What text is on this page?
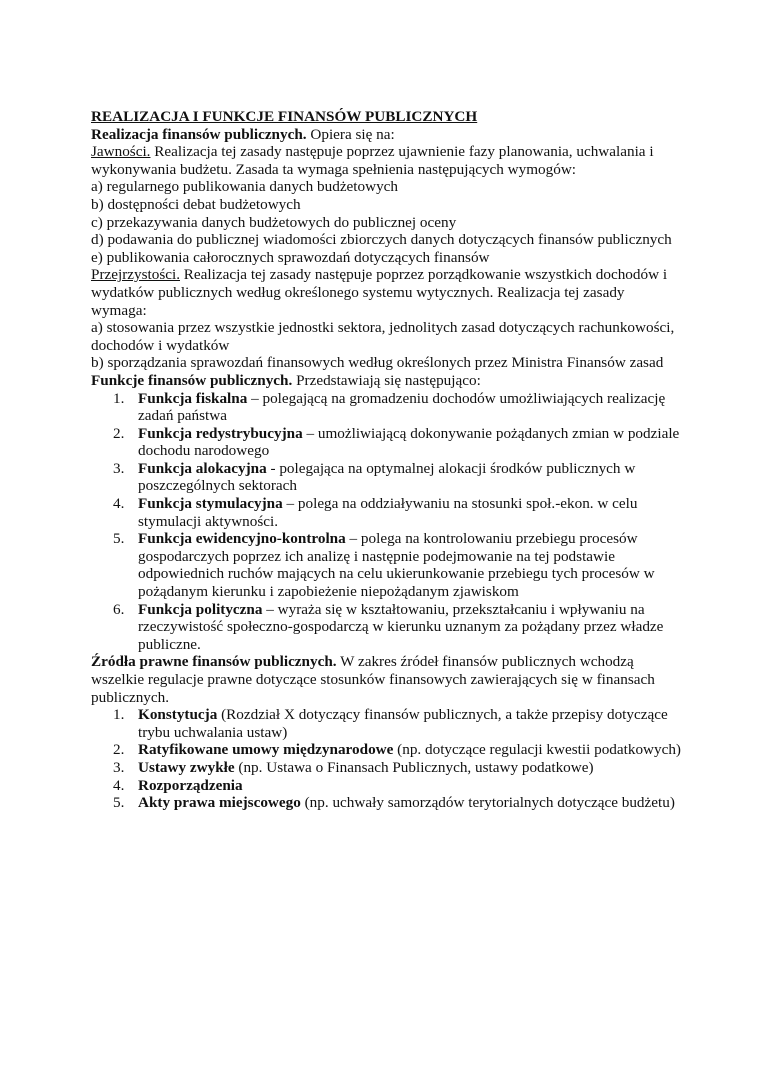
REALIZACJA I FUNKCJE FINANSÓW PUBLICZNYCH

Realizacja finansów publicznych. Opiera się na:

Jawności. Realizacja tej zasady następuje poprzez ujawnienie fazy planowania, uchwalania i wykonywania budżetu. Zasada ta wymaga spełnienia następujących wymogów:

a) regularnego publikowania danych budżetowych

b) dostępności debat budżetowych

c) przekazywania danych budżetowych do publicznej oceny

d) podawania do publicznej wiadomości zbiorczych danych dotyczących finansów publicznych

e) publikowania całorocznych sprawozdań dotyczących finansów

Przejrzystości. Realizacja tej zasady następuje poprzez porządkowanie wszystkich dochodów i wydatków publicznych według określonego systemu wytycznych. Realizacja tej zasady wymaga:

a) stosowania przez wszystkie jednostki sektora, jednolitych zasad dotyczących rachunkowości, dochodów i wydatków

b) sporządzania sprawozdań finansowych według określonych przez Ministra Finansów zasad

Funkcje finansów publicznych. Przedstawiają się następująco:

1. Funkcja fiskalna – polegającą na gromadzeniu dochodów umożliwiających realizację zadań państwa
2. Funkcja redystrybucyjna – umożliwiającą dokonywanie pożądanych zmian w podziale dochodu narodowego
3. Funkcja alokacyjna - polegająca na optymalnej alokacji środków publicznych w poszczególnych sektorach
4. Funkcja stymulacyjna – polega na oddziaływaniu na stosunki społ.-ekon. w celu stymulacji aktywności.
5. Funkcja ewidencyjno-kontrolna – polega na kontrolowaniu przebiegu procesów gospodarczych poprzez ich analizę i następnie podejmowanie na tej podstawie odpowiednich ruchów mających na celu ukierunkowanie przebiegu tych procesów w pożądanym kierunku i zapobieżenie niepożądanym zjawiskom
6. Funkcja polityczna – wyraża się w kształtowaniu, przekształcaniu i wpływaniu na rzeczywistość społeczno-gospodarczą w kierunku uznanym za pożądany przez władze publiczne.

Źródła prawne finansów publicznych. W zakres źródeł finansów publicznych wchodzą wszelkie regulacje prawne dotyczące stosunków finansowych zawierających się w finansach publicznych.

1. Konstytucja (Rozdział X dotyczący finansów publicznych, a także przepisy dotyczące trybu uchwalania ustaw)
2. Ratyfikowane umowy międzynarodowe (np. dotyczące regulacji kwestii podatkowych)
3. Ustawy zwykłe (np. Ustawa o Finansach Publicznych, ustawy podatkowe)
4. Rozporządzenia
5. Akty prawa miejscowego (np. uchwały samorządów terytorialnych dotyczące budżetu)
